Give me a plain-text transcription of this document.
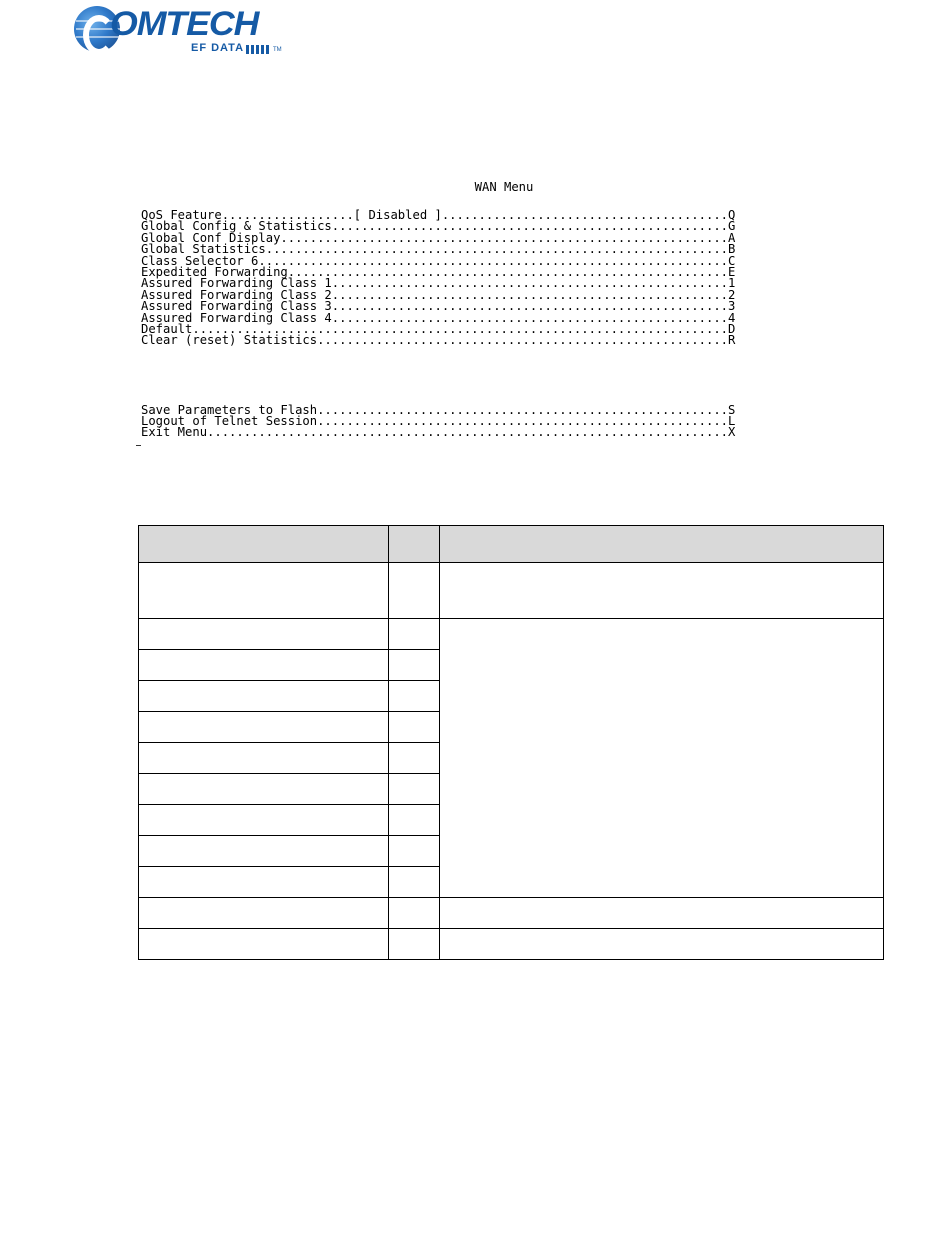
OMTECH
EF DATA	TM
WAN Menu
QoS Feature..................[ Disabled ].......................................Q
Global Config & Statistics......................................................G
Global Conf Display.............................................................A
Global Statistics...............................................................B
Class Selector 6................................................................C
Expedited Forwarding............................................................E
Assured Forwarding Class 1......................................................1
Assured Forwarding Class 2......................................................2
Assured Forwarding Class 3......................................................3
Assured Forwarding Class 4......................................................4
Default.........................................................................D
Clear (reset) Statistics........................................................R
Save Parameters to Flash........................................................S
Logout of Telnet Session........................................................L
Exit Menu.......................................................................X
